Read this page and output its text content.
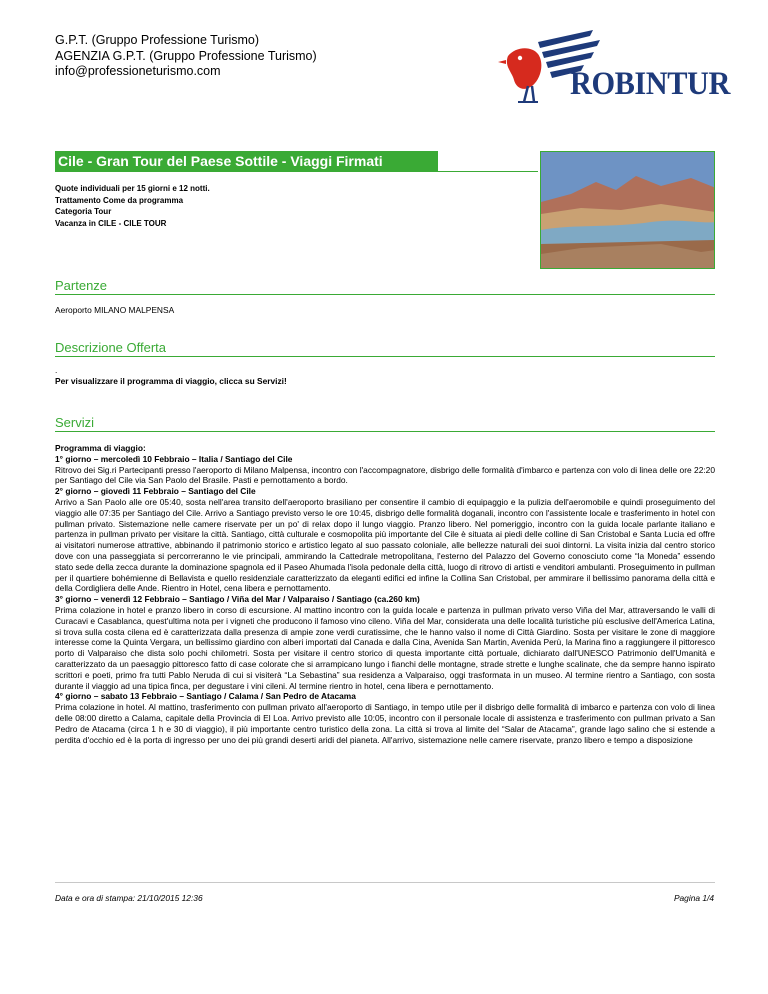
G.P.T. (Gruppo Professione Turismo)
AGENZIA G.P.T. (Gruppo Professione Turismo)
info@professioneturismo.com	ROBINTUR
Cile - Gran Tour del Paese Sottile - Viaggi Firmati
Quote individuali per 15 giorni e 12 notti.
Trattamento Come da programma
Categoria Tour
Vacanza in CILE - CILE TOUR
Partenze
Aeroporto MILANO MALPENSA
Descrizione Offerta
.
Per visualizzare il programma di viaggio, clicca su Servizi!
Servizi

Programma di viaggio:

1° giorno – mercoledì 10 Febbraio – Italia / Santiago del Cile

Ritrovo dei Sig.ri Partecipanti presso l'aeroporto di Milano Malpensa, incontro con l'accompagnatore, disbrigo delle formalità d'imbarco e partenza con volo di linea delle ore 22:20 per Santiago del Cile via San Paolo del Brasile. Pasti e pernottamento a bordo.

2° giorno – giovedì 11 Febbraio – Santiago del Cile

Arrivo a San Paolo alle ore 05:40, sosta nell'area transito dell'aeroporto brasiliano per consentire il cambio di equipaggio e la pulizia dell'aeromobile e quindi proseguimento del viaggio alle 07:35 per Santiago del Cile. Arrivo a Santiago previsto verso le ore 10:45, disbrigo delle formalità doganali, incontro con l'assistente locale e trasferimento in hotel con pullman privato. Sistemazione nelle camere riservate per un po' di relax dopo il lungo viaggio. Pranzo libero. Nel pomeriggio, incontro con la guida locale parlante italiano e partenza in pullman privato per visitare la città. Santiago, città culturale e cosmopolita più importante del Cile è situata ai piedi delle colline di San Cristobal e Santa Lucia ed offre ai visitatori numerose attrattive, abbinando il patrimonio storico e artistico legato al suo passato coloniale, alle bellezze naturali dei suoi dintorni. La visita inizia dal centro storico dove con una passeggiata si percorreranno le vie principali, ammirando la Cattedrale metropolitana, l'esterno del Palazzo del Governo conosciuto come “la Moneda” essendo stato sede della zecca durante la dominazione spagnola ed il Paseo Ahumada l'isola pedonale della città, luogo di ritrovo di artisti e venditori ambulanti. Proseguimento in pullman per il quartiere bohémienne di Bellavista e quello residenziale caratterizzato da eleganti edifici ed infine la Collina San Cristobal, per ammirare il bellissimo panorama della città e della Cordigliera delle Ande. Rientro in Hotel, cena libera e pernottamento.

3° giorno – venerdì 12 Febbraio – Santiago / Viña del Mar / Valparaiso / Santiago (ca.260 km)

Prima colazione in hotel e pranzo libero in corso di escursione. Al mattino incontro con la guida locale e partenza in pullman privato verso Viña del Mar, attraversando le valli di Curacavi e Casablanca, quest'ultima nota per i vigneti che producono il famoso vino cileno. Viña del Mar, considerata una delle località turistiche più esclusive dell'America Latina, si trova sulla costa cilena ed è caratterizzata dalla presenza di ampie zone verdi curatissime, che le hanno valso il nome di Città Giardino. Sosta per visitare le zone di maggiore interesse come la Quinta Vergara, un bellissimo giardino con alberi importati dal Canada e dalla Cina, Avenida San Martin, Avenida Perù, la Marina fino a raggiungere il pittoresco porto di Valparaiso che dista solo pochi chilometri. Sosta per visitare il centro storico di questa importante città portuale, dichiarato dall'UNESCO Patrimonio dell'Umanità e caratterizzato da un paesaggio pittoresco fatto di case colorate che si arrampicano lungo i fianchi delle montagne, strade strette e lunghe scalinate, che da sempre hanno ispirato scrittori e poeti, primo fra tutti Pablo Neruda di cui si visiterà “La Sebastina” sua residenza a Valparaiso, oggi trasformata in un museo. Al termine rientro a Santiago, con sosta durante il viaggio ad una tipica finca, per degustare i vini cileni. Al termine rientro in hotel, cena libera e pernottamento.

4° giorno – sabato 13 Febbraio – Santiago / Calama / San Pedro de Atacama

Prima colazione in hotel. Al mattino, trasferimento con pullman privato all'aeroporto di Santiago, in tempo utile per il disbrigo delle formalità di imbarco e partenza con volo di linea delle 08:00 diretto a Calama, capitale della Provincia di El Loa. Arrivo previsto alle 10:05, incontro con il personale locale di assistenza e trasferimento con pullman privato a San Pedro de Atacama (circa 1 h e 30 di viaggio), il più importante centro turistico della zona. La città si trova al limite del “Salar de Atacama”, grande lago salino che si estende a perdita d'occhio ed è la porta di ingresso per uno dei più grandi deserti aridi del pianeta. All'arrivo, sistemazione nelle camere riservate, pranzo libero e tempo a disposizione

Data e ora di stampa: 21/10/2015 12:36	Pagina 1/4
